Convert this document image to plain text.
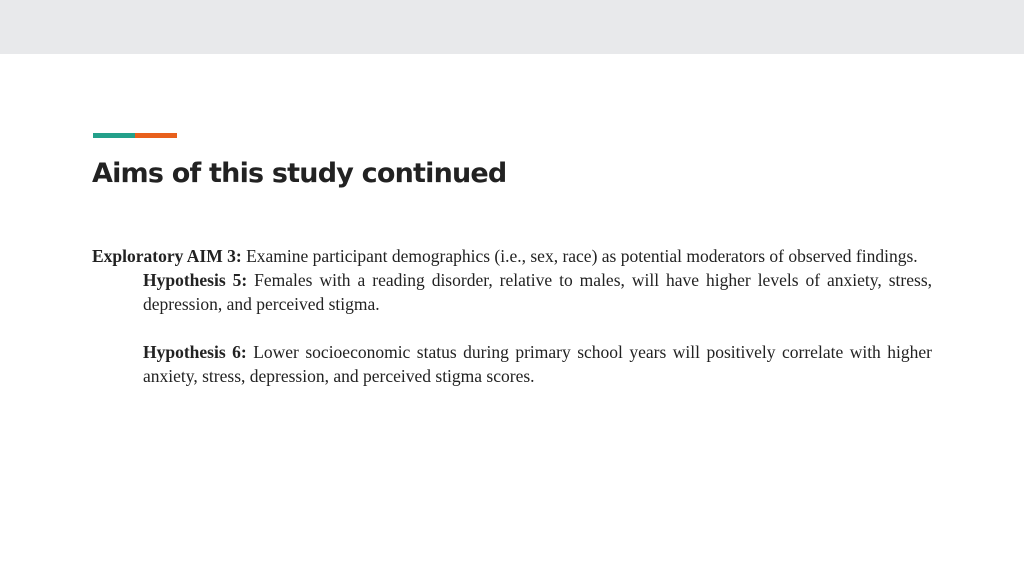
Aims of this study continued

Exploratory AIM 3: Examine participant demographics (i.e., sex, race) as potential moderators of observed findings.

Hypothesis 5: Females with a reading disorder, relative to males, will have higher levels of anxiety, stress, depression, and perceived stigma.

Hypothesis 6: Lower socioeconomic status during primary school years will positively correlate with higher anxiety, stress, depression, and perceived stigma scores.
